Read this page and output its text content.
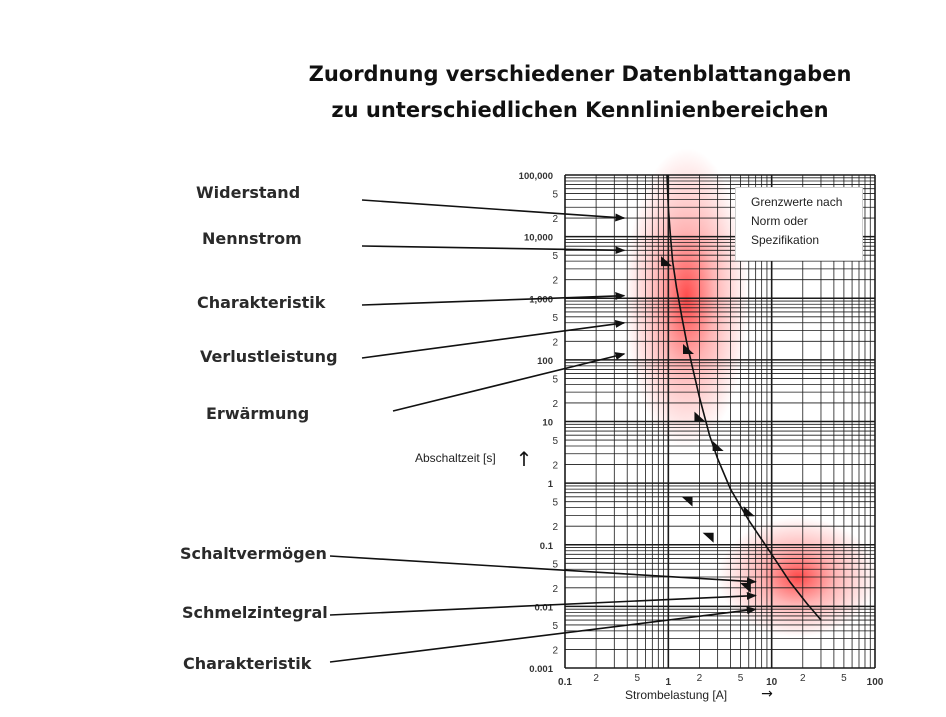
Zuordnung verschiedener Datenblattangaben
zu unterschiedlichen Kennlinienbereichen
0.001
0.01
0.1
1
10
100
1,000
10,000
100,000
2
5
2
5
2
5
2
5
2
5
2
5
2
5
2
5
0.1	1	10	100
2	5	2	5	2	5
↑
→
Widerstand
Nennstrom
Charakteristik
Verlustleistung
Erwärmung
Schaltvermögen
Schmelzintegral
Charakteristik
Grenzwerte nach
Norm oder
Spezifikation
Abschaltzeit [s]
Strombelastung [A]
